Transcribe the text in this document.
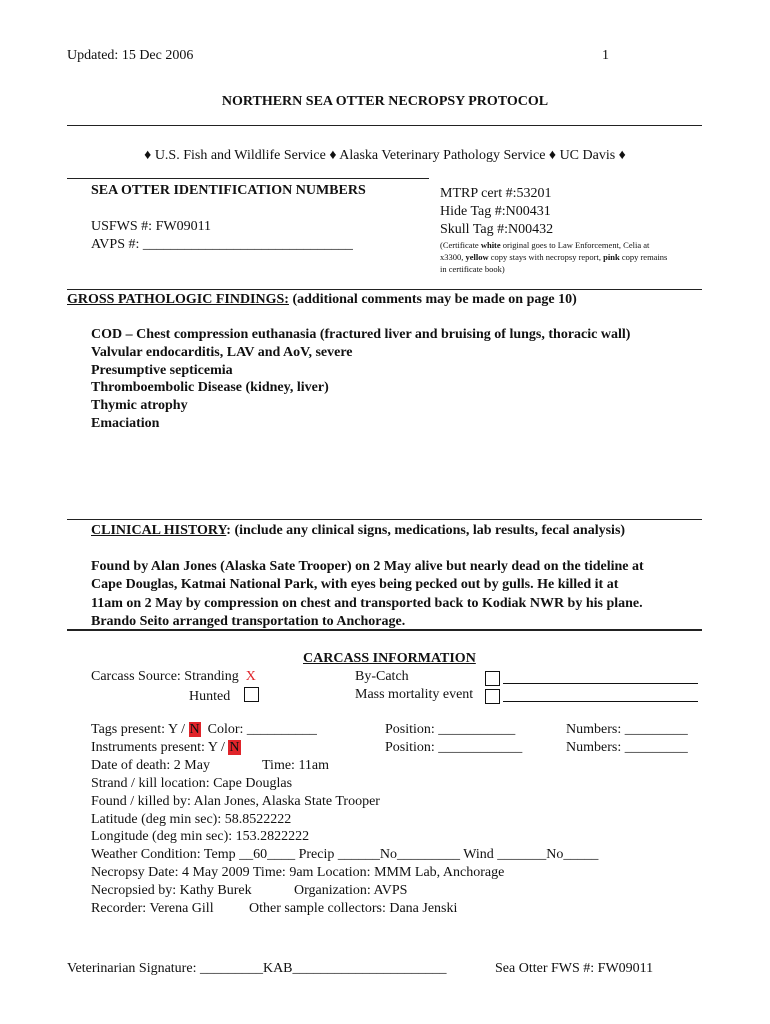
Updated: 15 Dec 2006	1
NORTHERN SEA OTTER NECROPSY PROTOCOL
♦ U.S. Fish and Wildlife Service ♦ Alaska Veterinary Pathology Service ♦ UC Davis ♦
SEA OTTER IDENTIFICATION NUMBERS
USFWS #: FW09011
AVPS #: ______________________________
MTRP cert #:53201
Hide Tag #:N00431
Skull Tag #:N00432
(Certificate white original goes to Law Enforcement, Celia at
x3300, yellow copy stays with necropsy report, pink copy remains
in certificate book)
GROSS PATHOLOGIC FINDINGS: (additional comments may be made on page 10)
COD – Chest compression euthanasia (fractured liver and bruising of lungs, thoracic wall)
Valvular endocarditis, LAV and AoV, severe
Presumptive septicemia
Thromboembolic Disease (kidney, liver)
Thymic atrophy
Emaciation
CLINICAL HISTORY: (include any clinical signs, medications, lab results, fecal analysis)
Found by Alan Jones (Alaska Sate Trooper) on 2 May alive but nearly dead on the tideline at
Cape Douglas, Katmai National Park, with eyes being pecked out by gulls. He killed it at
11am on 2 May by compression on chest and transported back to Kodiak NWR by his plane.
Brando Seito arranged transportation to Anchorage.
CARCASS INFORMATION
Carcass Source: Stranding X
Hunted
By-Catch
Mass mortality event
Tags present: Y / N Color: __________	Position: ___________	Numbers: _________
Instruments present: Y / N	Position: ____________	Numbers: _________
Date of death: 2 May	Time: 11am
Strand / kill location: Cape Douglas
Found / killed by: Alan Jones, Alaska State Trooper
Latitude (deg min sec): 58.8522222
Longitude (deg min sec): 153.2822222
Weather Condition: Temp __60____ Precip ______No_________ Wind _______No_____
Necropsy Date: 4 May 2009 Time: 9am Location: MMM Lab, Anchorage
Necropsied by: Kathy Burek	Organization: AVPS
Recorder: Verena Gill	Other sample collectors: Dana Jenski
Veterinarian Signature: _________KAB______________________	Sea Otter FWS #: FW09011
